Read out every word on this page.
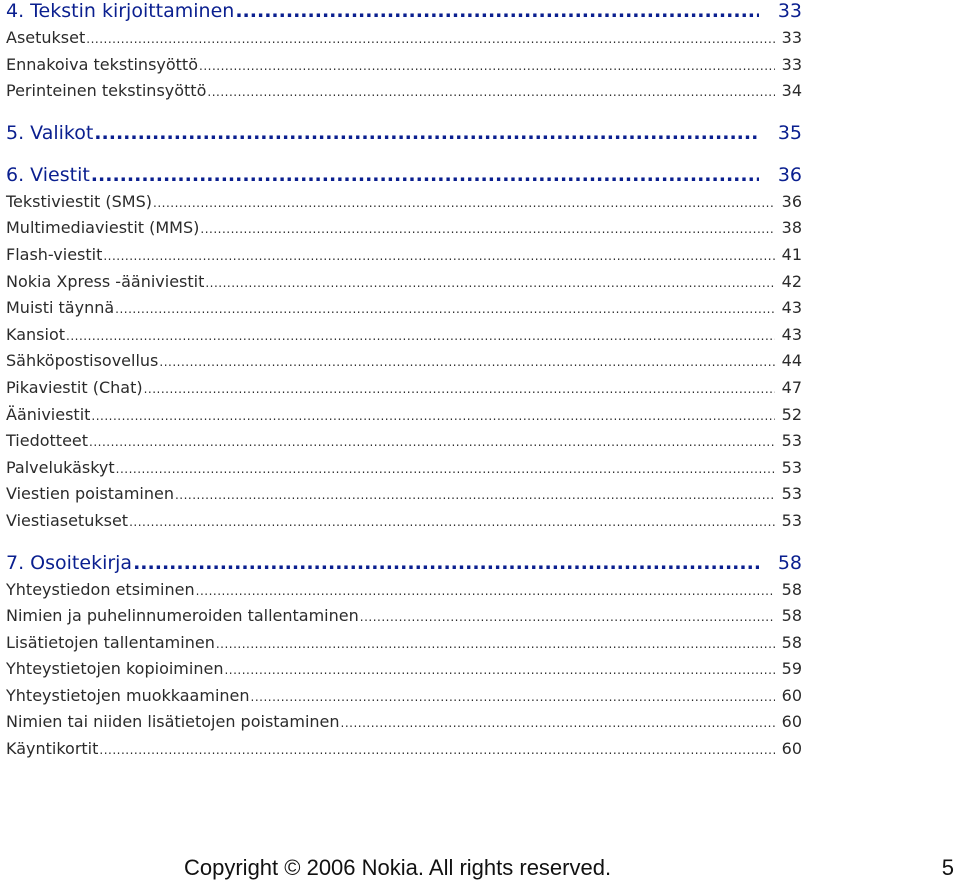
4. Tekstin kirjoittaminen .....	33
Asetukset .....	33
Ennakoiva tekstinsyöttö .....	33
Perinteinen tekstinsyöttö .....	34
5. Valikot .....	35
6. Viestit .....	36
Tekstiviestit (SMS) .....	36
Multimediaviestit (MMS) .....	38
Flash-viestit .....	41
Nokia Xpress -ääniviestit .....	42
Muisti täynnä .....	43
Kansiot .....	43
Sähköpostisovellus .....	44
Pikaviestit (Chat) .....	47
Ääniviestit .....	52
Tiedotteet .....	53
Palvelukäskyt .....	53
Viestien poistaminen .....	53
Viestiasetukset .....	53
7. Osoitekirja .....	58
Yhteystiedon etsiminen .....	58
Nimien ja puhelinnumeroiden tallentaminen .....	58
Lisätietojen tallentaminen .....	58
Yhteystietojen kopioiminen .....	59
Yhteystietojen muokkaaminen .....	60
Nimien tai niiden lisätietojen poistaminen .....	60
Käyntikortit .....	60
Copyright © 2006 Nokia. All rights reserved.	5
